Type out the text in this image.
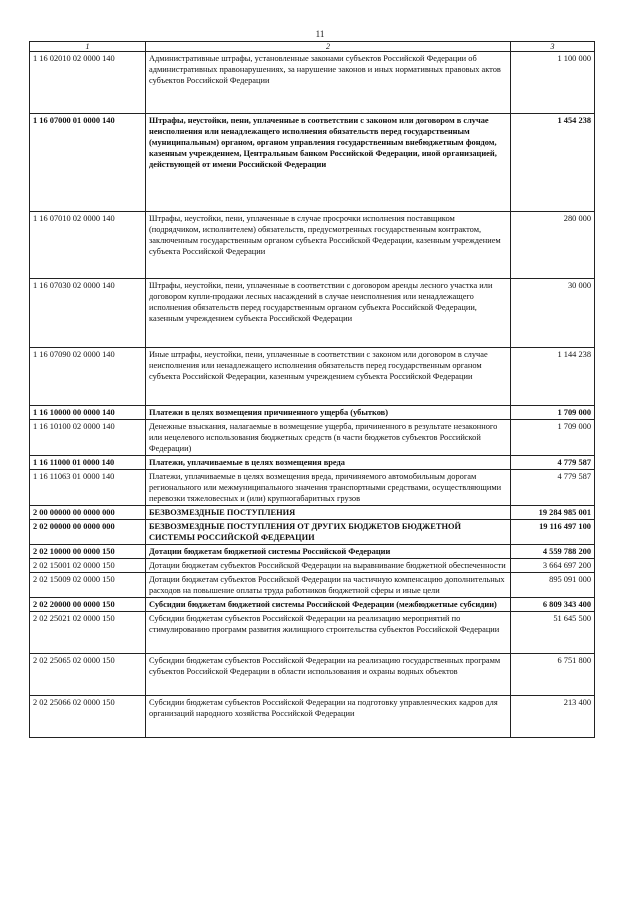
11
1	2	3
1 16 02010 02 0000 140	Административные штрафы, установленные законами субъектов Российской Федерации об административных правонарушениях, за нарушение законов и иных нормативных правовых актов субъектов Российской Федерации	1 100 000
1 16 07000 01 0000 140	Штрафы, неустойки, пени, уплаченные в соответствии с законом или договором в случае неисполнения или ненадлежащего исполнения обязательств перед государственным (муниципальным) органом, органом управления государственным внебюджетным фондом, казенным учреждением, Центральным банком Российской Федерации, иной организацией, действующей от имени Российской Федерации	1 454 238
1 16 07010 02 0000 140	Штрафы, неустойки, пени, уплаченные в случае просрочки исполнения поставщиком (подрядчиком, исполнителем) обязательств, предусмотренных государственным контрактом, заключенным государственным органом субъекта Российской Федерации, казенным учреждением субъекта Российской Федерации	280 000
1 16 07030 02 0000 140	Штрафы, неустойки, пени, уплаченные в соответствии с договором аренды лесного участка или договором купли-продажи лесных насаждений в случае неисполнения или ненадлежащего исполнения обязательств перед государственным органом субъекта Российской Федерации, казенным учреждением субъекта Российской Федерации	30 000
1 16 07090 02 0000 140	Иные штрафы, неустойки, пени, уплаченные в соответствии с законом или договором в случае неисполнения или ненадлежащего исполнения обязательств перед государственным органом субъекта Российской Федерации, казенным учреждением субъекта Российской Федерации	1 144 238
1 16 10000 00 0000 140	Платежи в целях возмещения причиненного ущерба (убытков)	1 709 000
1 16 10100 02 0000 140	Денежные взыскания, налагаемые в возмещение ущерба, причиненного в результате незаконного или нецелевого использования бюджетных средств (в части бюджетов субъектов Российской Федерации)	1 709 000
1 16 11000 01 0000 140	Платежи, уплачиваемые в целях возмещения вреда	4 779 587
1 16 11063 01 0000 140	Платежи, уплачиваемые в целях возмещения вреда, причиняемого автомобильным дорогам регионального или межмуниципального значения транспортными средствами, осуществляющими перевозки тяжеловесных и (или) крупногабаритных грузов	4 779 587
2 00 00000 00 0000 000	БЕЗВОЗМЕЗДНЫЕ ПОСТУПЛЕНИЯ	19 284 985 001
2 02 00000 00 0000 000	БЕЗВОЗМЕЗДНЫЕ ПОСТУПЛЕНИЯ ОТ ДРУГИХ БЮДЖЕТОВ БЮДЖЕТНОЙ СИСТЕМЫ РОССИЙСКОЙ ФЕДЕРАЦИИ	19 116 497 100
2 02 10000 00 0000 150	Дотации бюджетам бюджетной системы Российской Федерации	4 559 788 200
2 02 15001 02 0000 150	Дотации бюджетам субъектов Российской Федерации на выравнивание бюджетной обеспеченности	3 664 697 200
2 02 15009 02 0000 150	Дотации бюджетам субъектов Российской Федерации на частичную компенсацию дополнительных расходов на повышение оплаты труда работников бюджетной сферы и иные цели	895 091 000
2 02 20000 00 0000 150	Субсидии бюджетам бюджетной системы Российской Федерации (межбюджетные субсидии)	6 809 343 400
2 02 25021 02 0000 150	Субсидии бюджетам субъектов Российской Федерации на реализацию мероприятий по стимулированию программ развития жилищного строительства субъектов Российской Федерации	51 645 500
2 02 25065 02 0000 150	Субсидии бюджетам субъектов Российской Федерации на реализацию государственных программ субъектов Российской Федерации в области использования и охраны водных объектов	6 751 800
2 02 25066 02 0000 150	Субсидии бюджетам субъектов Российской Федерации на подготовку управленческих кадров для организаций народного хозяйства Российской Федерации	213 400
